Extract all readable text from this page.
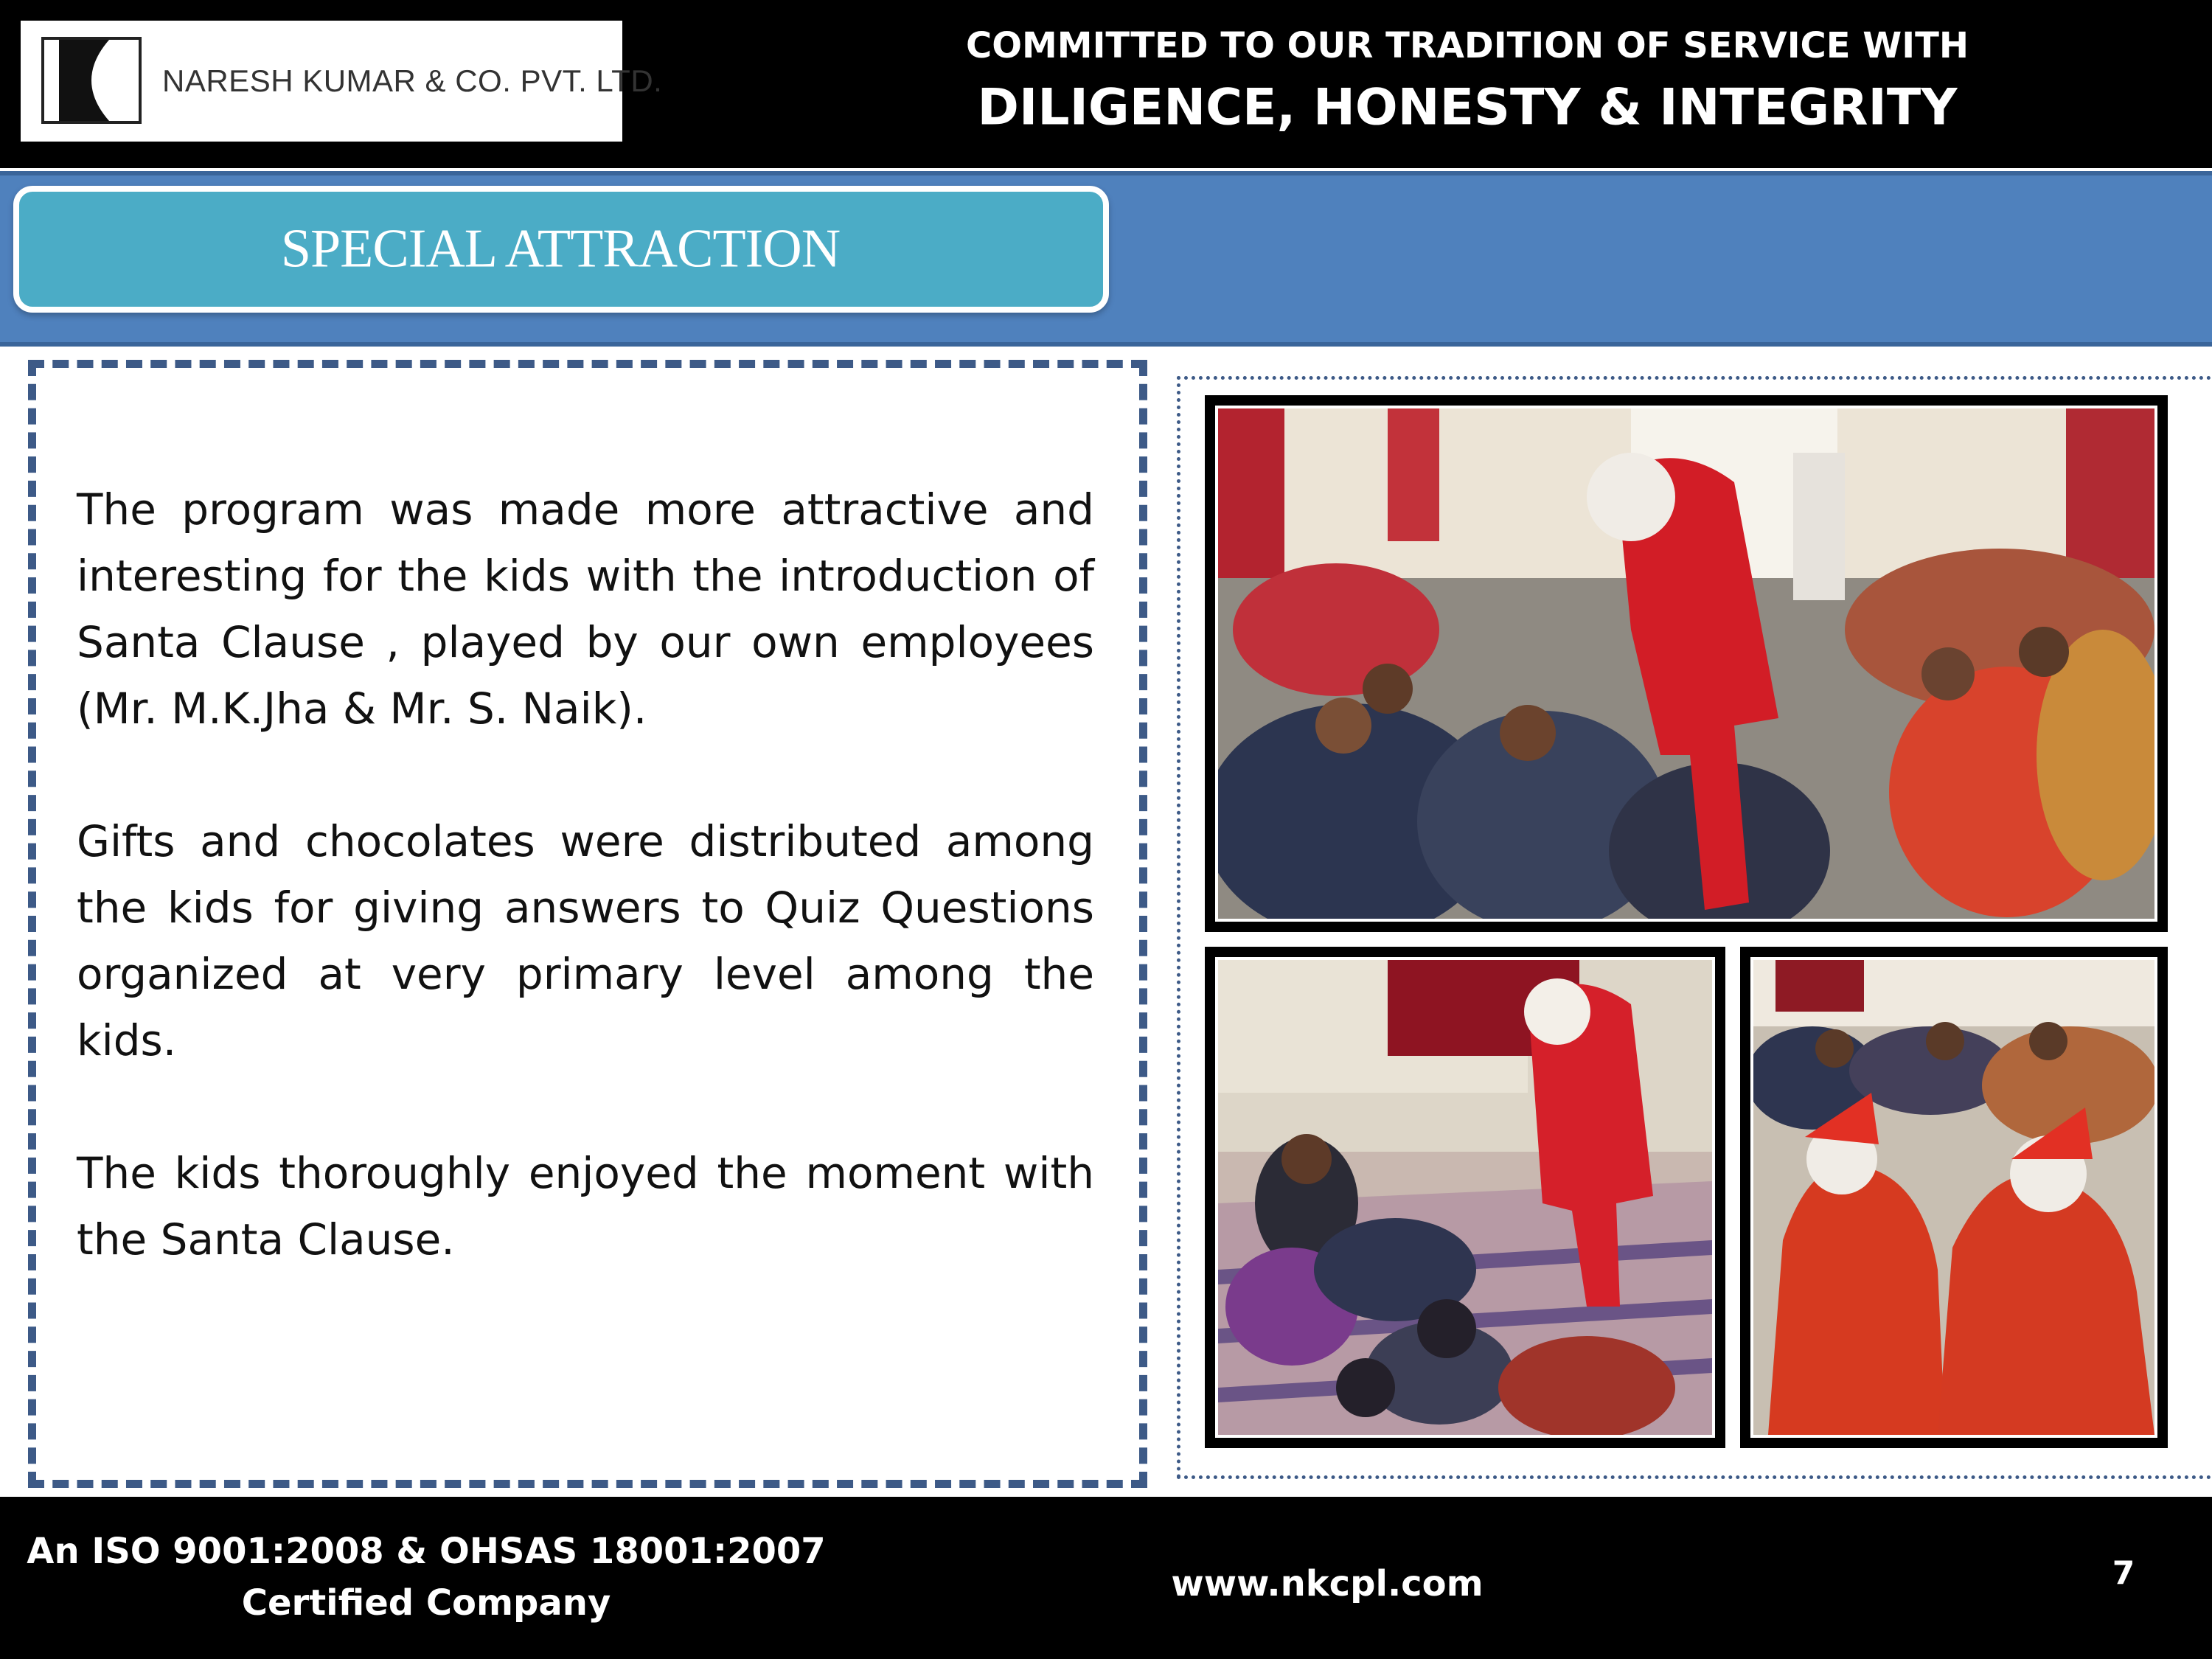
NARESH KUMAR & CO. PVT. LTD.
COMMITTED TO OUR TRADITION OF SERVICE WITH
DILIGENCE, HONESTY & INTEGRITY
SPECIAL ATTRACTION

The program was made more attractive and interesting for the kids with the introduction of Santa Clause , played by our own employees (Mr. M.K.Jha & Mr. S. Naik).

Gifts and chocolates were distributed among the kids for giving answers to Quiz Questions organized at very primary level among the kids.

The kids thoroughly enjoyed the moment with the Santa Clause.

An ISO 9001:2008 & OHSAS 18001:2007
Certified Company	www.nkcpl.com	7
